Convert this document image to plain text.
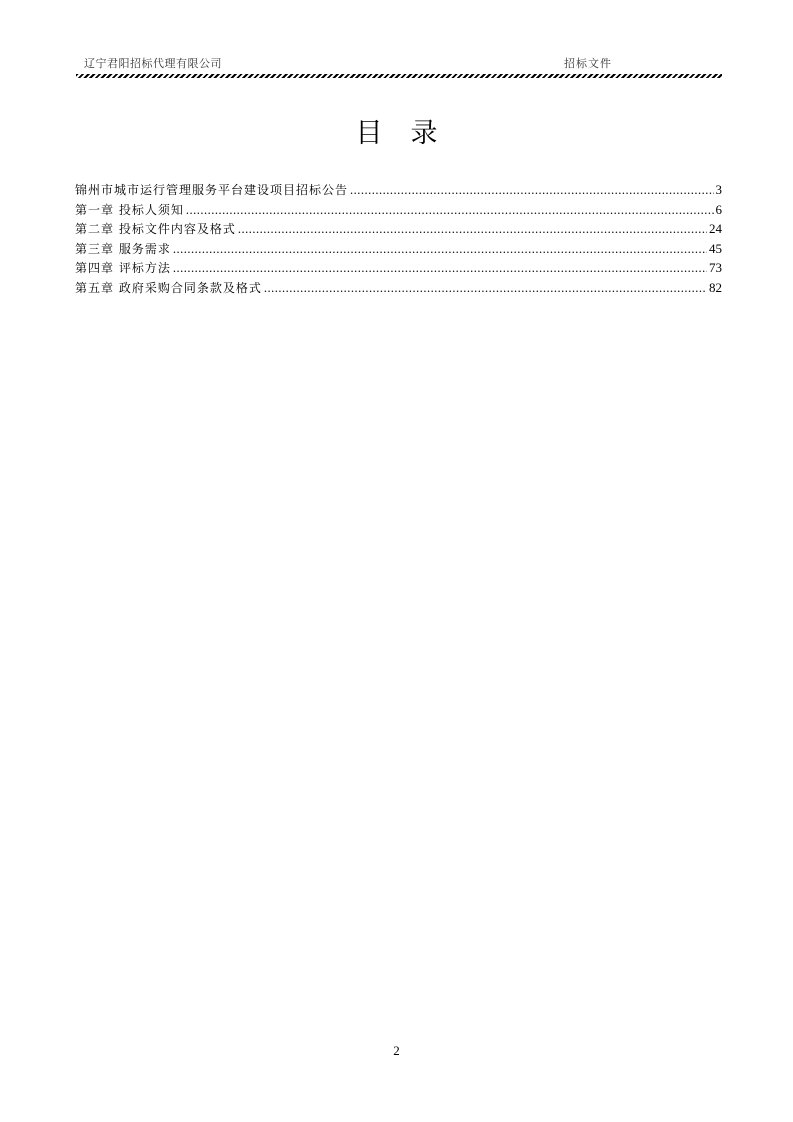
辽宁君阳招标代理有限公司	招标文件
目录
锦州市城市运行管理服务平台建设项目招标公告 .....	3
第一章 投标人须知 .....	6
第二章 投标文件内容及格式 .....	24
第三章 服务需求 .....	45
第四章 评标方法 .....	73
第五章 政府采购合同条款及格式 .....	82
2
